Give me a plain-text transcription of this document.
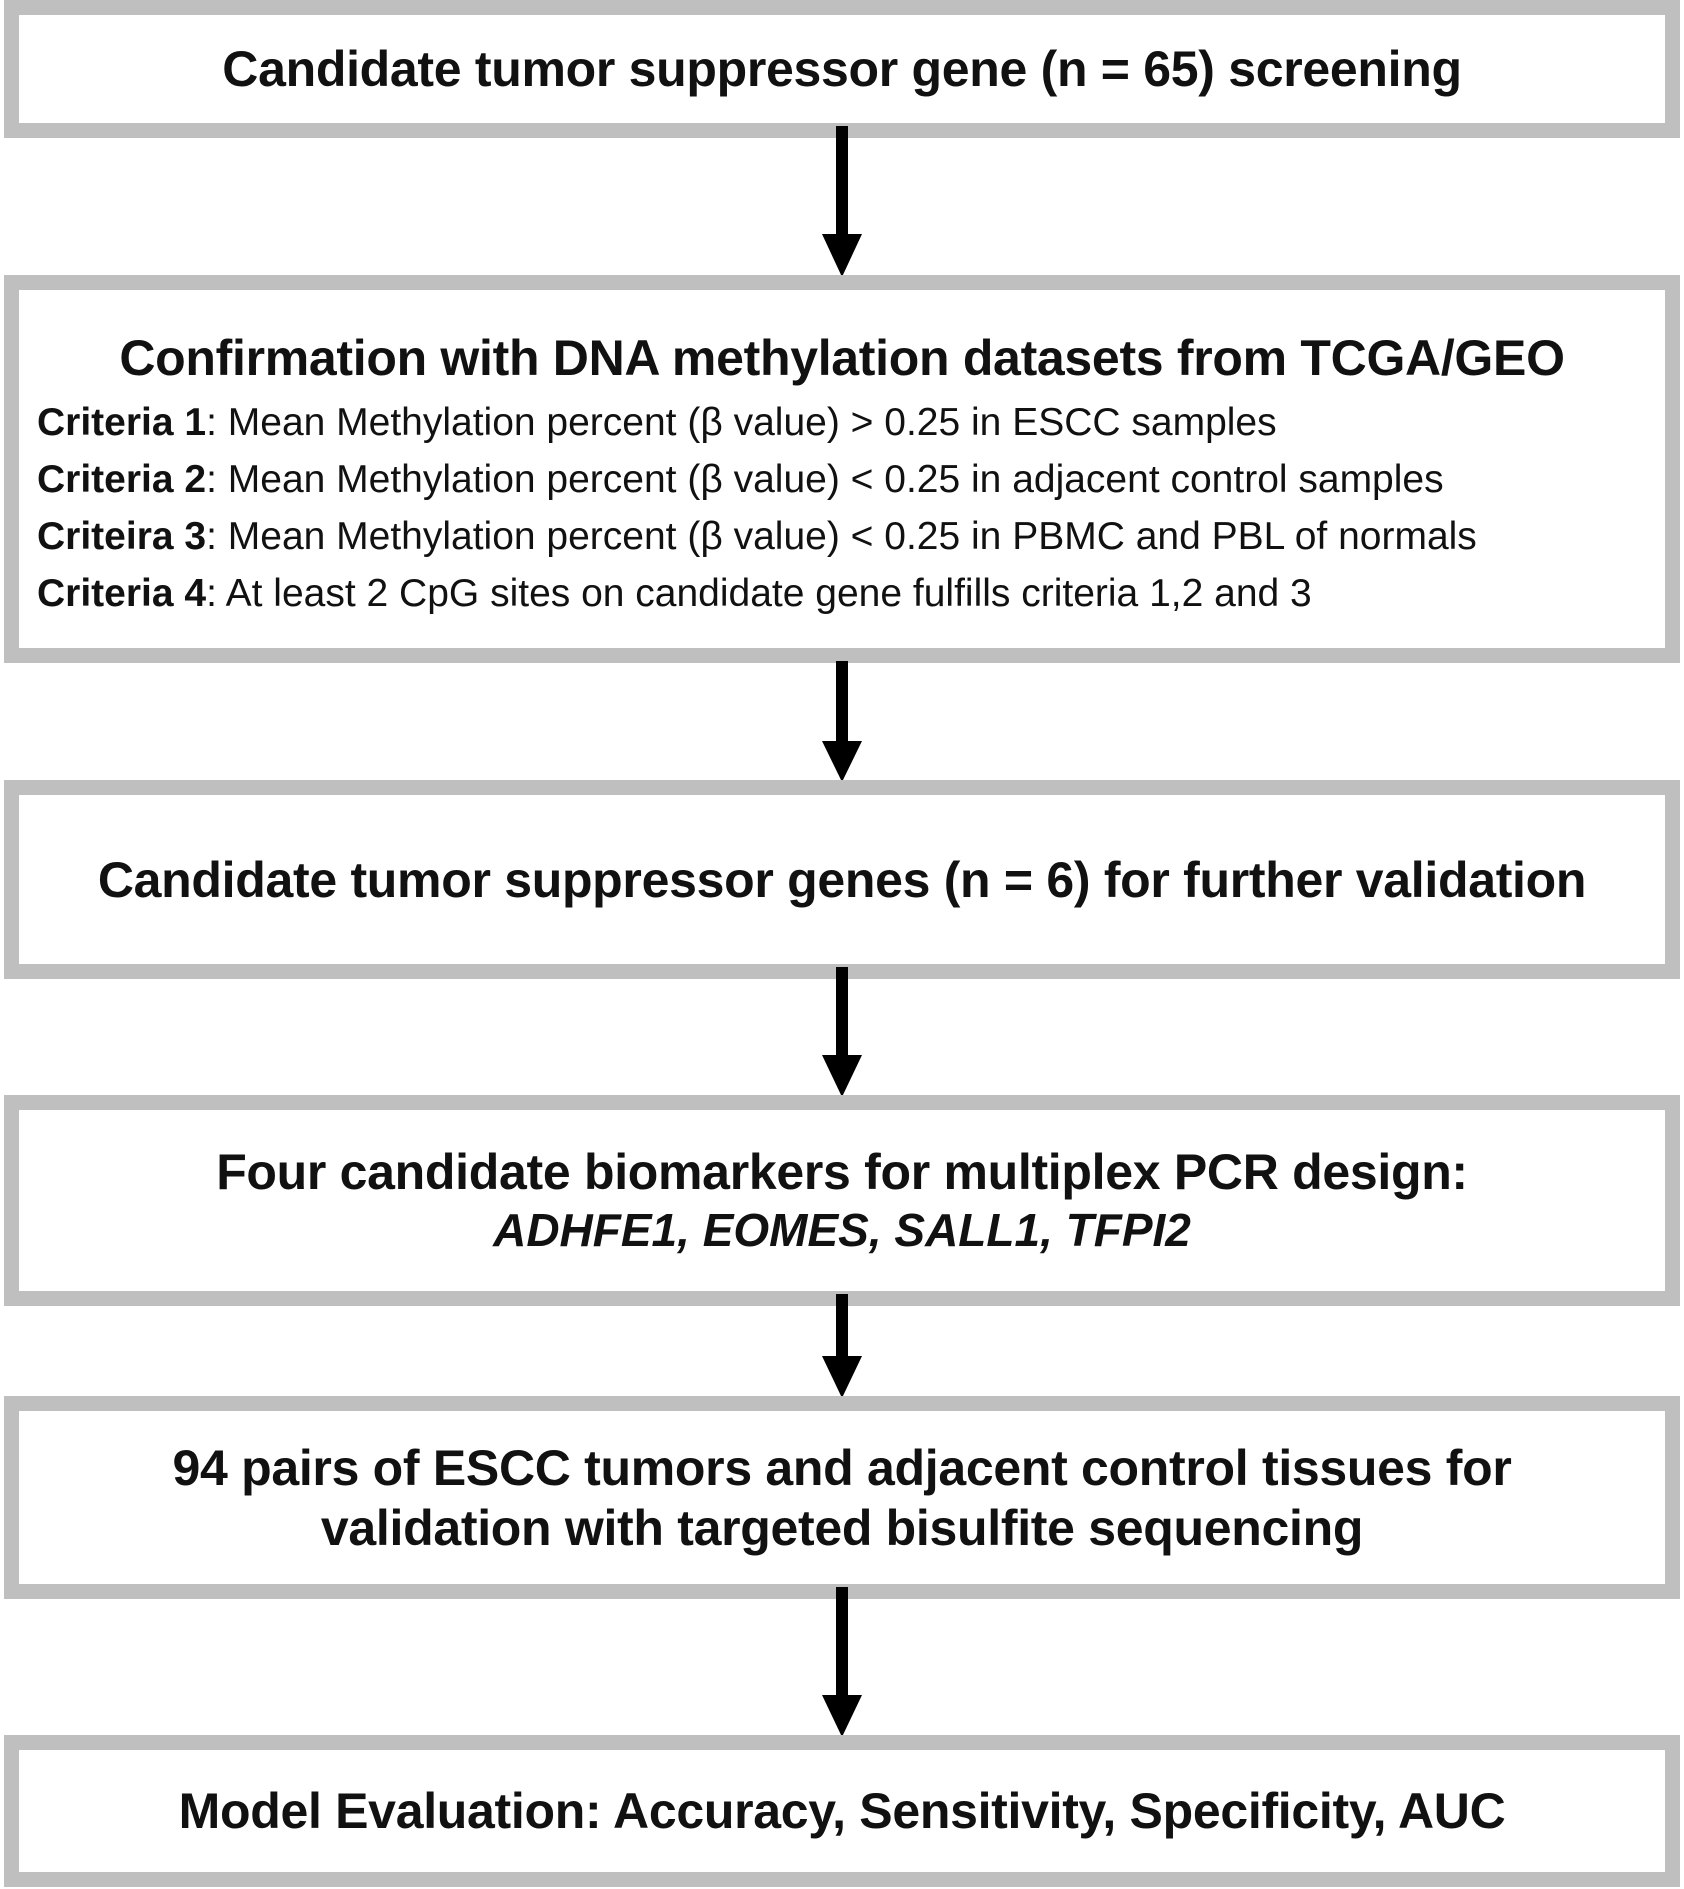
Candidate tumor suppressor gene (n = 65) screening
Confirmation with DNA methylation datasets from TCGA/GEO
Criteria 1: Mean Methylation percent (β value) > 0.25 in ESCC samples
Criteria 2: Mean Methylation percent (β value) < 0.25 in adjacent control samples
Criteira 3: Mean Methylation percent (β value) < 0.25 in PBMC and PBL of normals
Criteria 4: At least 2 CpG sites on candidate gene fulfills criteria 1,2 and 3
Candidate tumor suppressor genes (n = 6) for further validation
Four candidate biomarkers for multiplex PCR design:
ADHFE1, EOMES, SALL1, TFPI2
94 pairs of ESCC tumors and adjacent control tissues for
validation with targeted bisulfite sequencing
Model Evaluation: Accuracy, Sensitivity, Specificity, AUC
